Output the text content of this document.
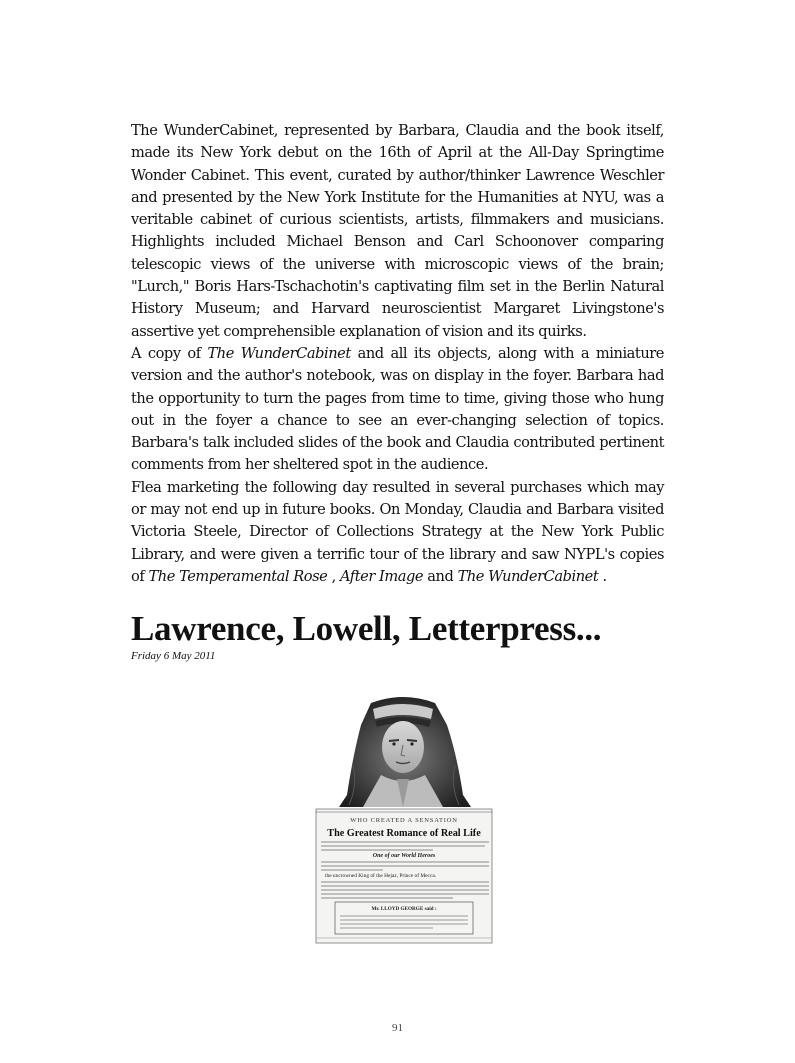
The WunderCabinet, represented by Barbara, Claudia and the book itself, made its New York debut on the 16th of April at the All-Day Springtime Wonder Cabinet. This event, curated by author/thinker Lawrence Weschler and presented by the New York Institute for the Humanities at NYU, was a veritable cabinet of curious scientists, artists, filmmakers and musicians. Highlights included Michael Benson and Carl Schoonover comparing telescopic views of the universe with microscopic views of the brain; "Lurch," Boris Hars-Tschachotin's captivating film set in the Berlin Natural History Museum; and Harvard neuroscientist Margaret Livingstone's assertive yet comprehensible explanation of vision and its quirks.

A copy of The WunderCabinet and all its objects, along with a miniature version and the author's notebook, was on display in the foyer. Barbara had the opportunity to turn the pages from time to time, giving those who hung out in the foyer a chance to see an ever-changing selection of topics. Barbara's talk included slides of the book and Claudia contributed pertinent comments from her sheltered spot in the audience.

Flea marketing the following day resulted in several purchases which may or may not end up in future books. On Monday, Claudia and Barbara visited Victoria Steele, Director of Collections Strategy at the New York Public Library, and were given a terrific tour of the library and saw NYPL's copies of The Temperamental Rose , After Image and The WunderCabinet .

Lawrence, Lowell, Letterpress...
Friday 6 May 2011
WHO CREATED A SENSATION
The Greatest Romance of Real Life
One of our World Heroes
the uncrowned King of the Hejaz, Prince of Mecca.
Mr. LLOYD GEORGE said :
91
